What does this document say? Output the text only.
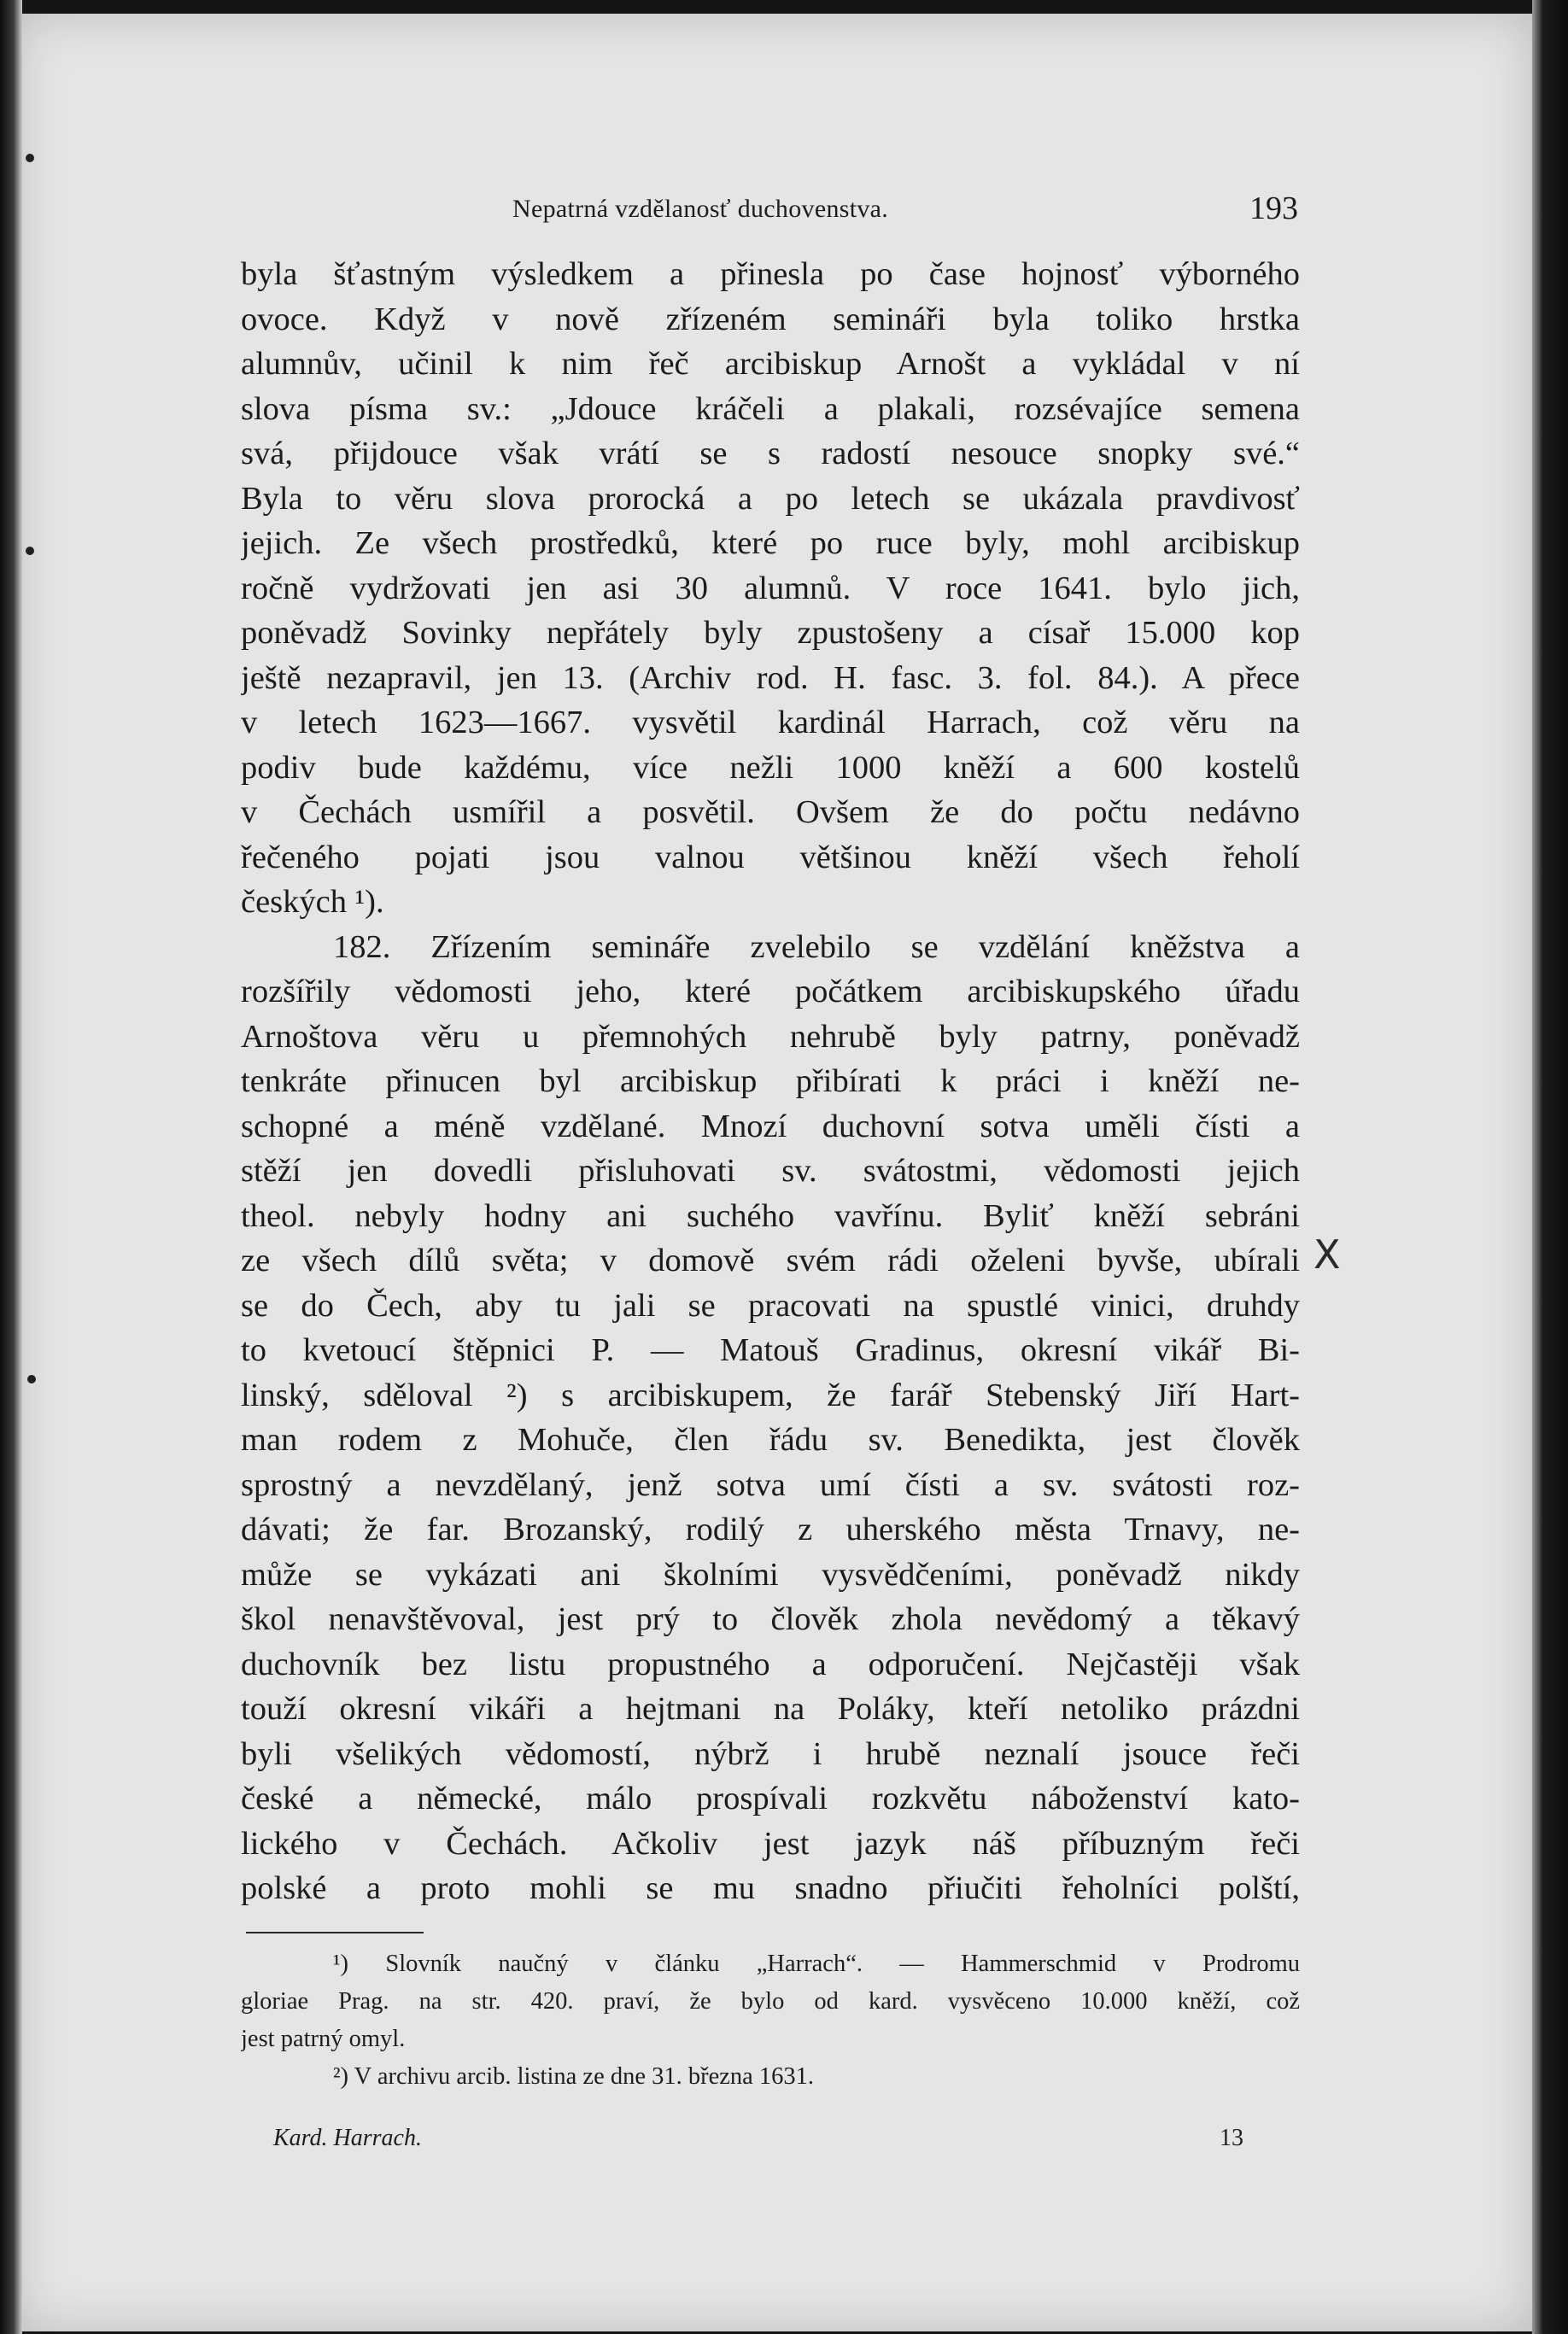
Nepatrná vzdělanosť duchovenstva.	193
byla šťastným výsledkem a přinesla po čase hojnosť výborného
ovoce. Když v nově zřízeném semináři byla toliko hrstka
alumnův, učinil k nim řeč arcibiskup Arnošt a vykládal v ní
slova písma sv.: „Jdouce kráčeli a plakali, rozsévajíce semena
svá, přijdouce však vrátí se s radostí nesouce snopky své.“
Byla to věru slova prorocká a po letech se ukázala pravdivosť
jejich. Ze všech prostředků, které po ruce byly, mohl arcibiskup
ročně vydržovati jen asi 30 alumnů. V roce 1641. bylo jich,
poněvadž Sovinky nepřátely byly zpustošeny a císař 15.000 kop
ještě nezapravil, jen 13. (Archiv rod. H. fasc. 3. fol. 84.). A přece
v letech 1623—1667. vysvětil kardinál Harrach, což věru na
podiv bude každému, více nežli 1000 kněží a 600 kostelů
v Čechách usmířil a posvětil. Ovšem že do počtu nedávno
řečeného pojati jsou valnou většinou kněží všech řeholí
českých ¹).
182. Zřízením semináře zvelebilo se vzdělání kněžstva a
rozšířily vědomosti jeho, které počátkem arcibiskupského úřadu
Arnoštova věru u přemnohých nehrubě byly patrny, poněvadž
tenkráte přinucen byl arcibiskup přibírati k práci i kněží ne-
schopné a méně vzdělané. Mnozí duchovní sotva uměli čísti a
stěží jen dovedli přisluhovati sv. svátostmi, vědomosti jejich
theol. nebyly hodny ani suchého vavřínu. Byliť kněží sebráni
ze všech dílů světa; v domově svém rádi oželeni byvše, ubírali
se do Čech, aby tu jali se pracovati na spustlé vinici, druhdy
to kvetoucí štěpnici P. — Matouš Gradinus, okresní vikář Bi-
linský, sděloval ²) s arcibiskupem, že farář Stebenský Jiří Hart-
man rodem z Mohuče, člen řádu sv. Benedikta, jest člověk
sprostný a nevzdělaný, jenž sotva umí čísti a sv. svátosti roz-
dávati; že far. Brozanský, rodilý z uherského města Trnavy, ne-
může se vykázati ani školními vysvědčeními, poněvadž nikdy
škol nenavštěvoval, jest prý to člověk zhola nevědomý a těkavý
duchovník bez listu propustného a odporučení. Nejčastěji však
touží okresní vikáři a hejtmani na Poláky, kteří netoliko prázdni
byli všelikých vědomostí, nýbrž i hrubě neznalí jsouce řeči
české a německé, málo prospívali rozkvětu náboženství kato-
lického v Čechách. Ačkoliv jest jazyk náš příbuzným řeči
polské a proto mohli se mu snadno přiučiti řeholníci polští,
X
¹) Slovník naučný v článku „Harrach“. — Hammerschmid v Prodromu
gloriae Prag. na str. 420. praví, že bylo od kard. vysvěceno 10.000 kněží, což
jest patrný omyl.
²) V archivu arcib. listina ze dne 31. března 1631.
Kard. Harrach.	13
